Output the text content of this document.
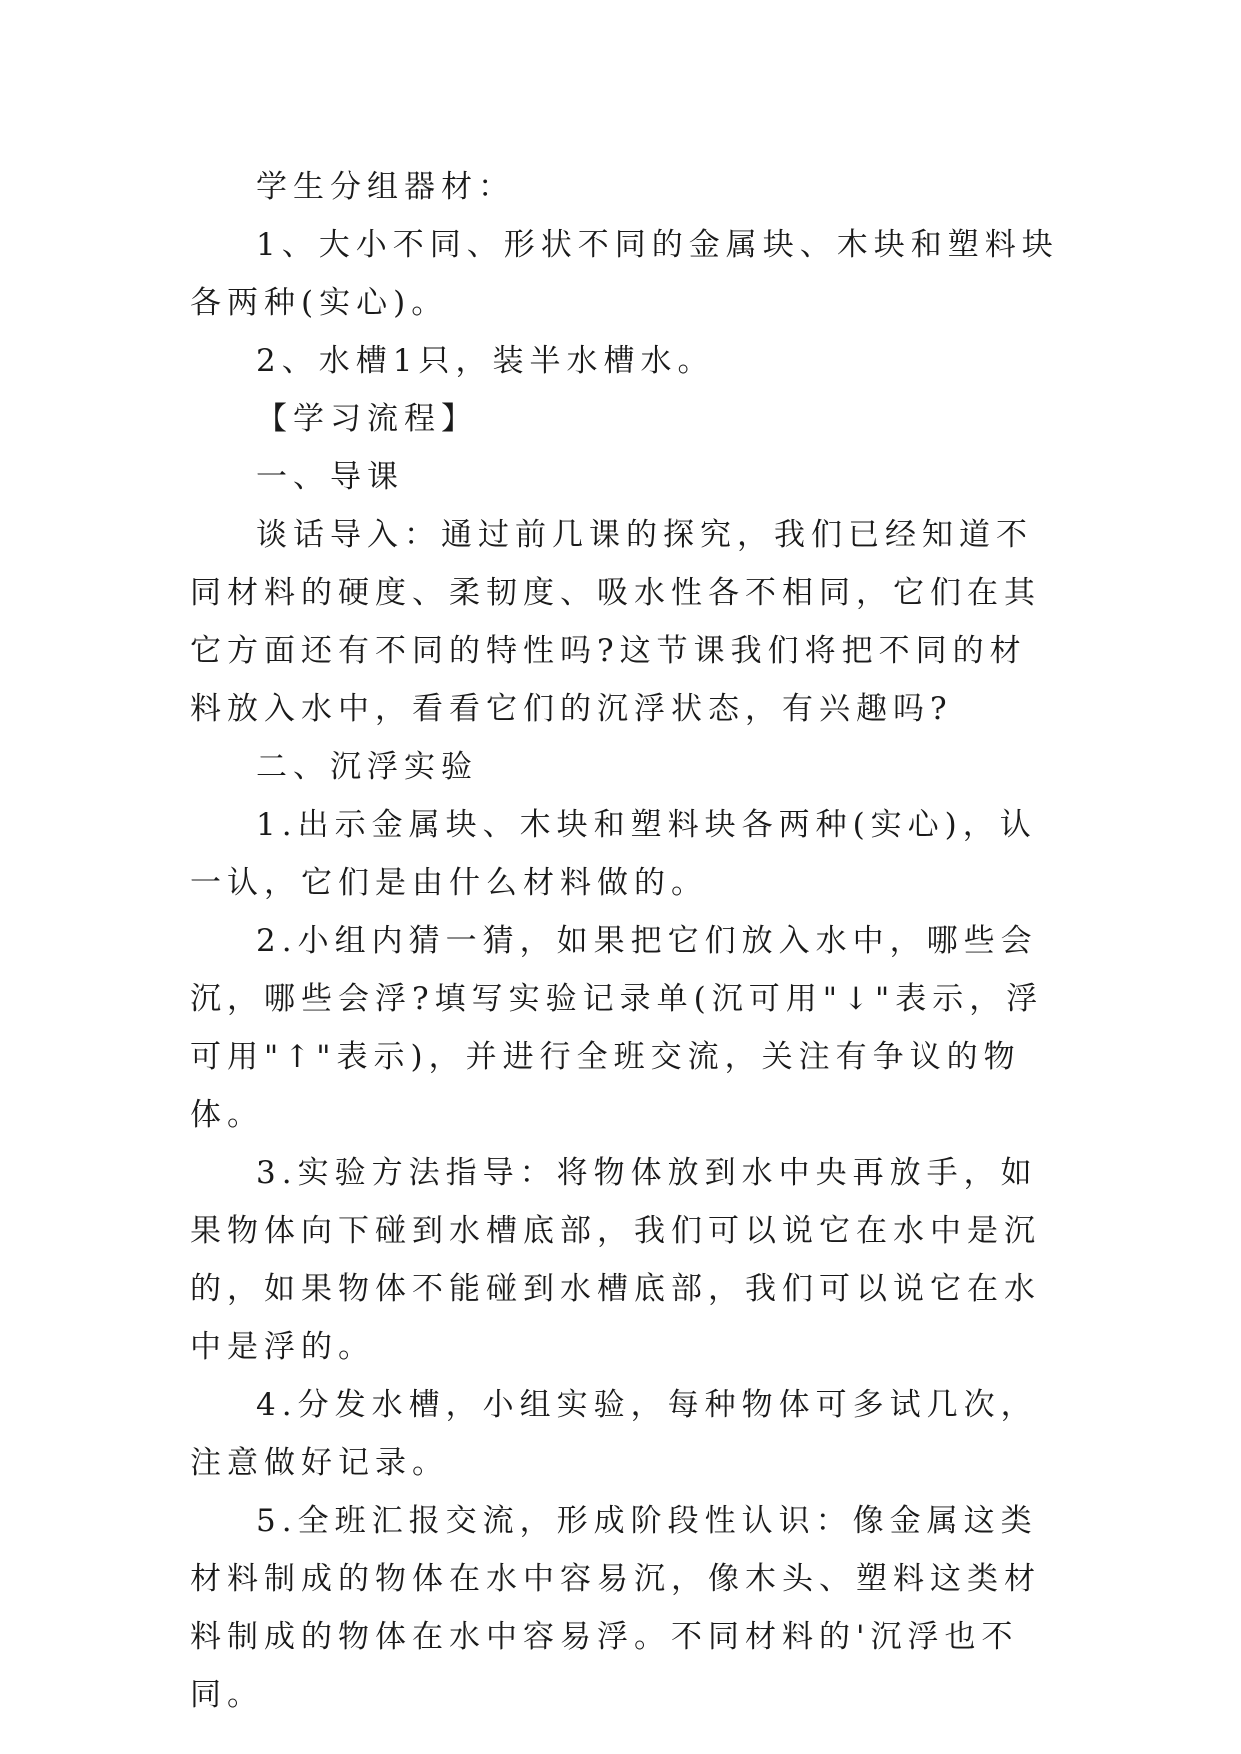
学生分组器材：

1、大小不同、形状不同的金属块、木块和塑料块各两种(实心)。

2、水槽1只，装半水槽水。

【学习流程】

一、导课

谈话导入：通过前几课的探究，我们已经知道不同材料的硬度、柔韧度、吸水性各不相同，它们在其它方面还有不同的特性吗?这节课我们将把不同的材料放入水中，看看它们的沉浮状态，有兴趣吗?

二、沉浮实验

1.出示金属块、木块和塑料块各两种(实心)，认一认，它们是由什么材料做的。

2.小组内猜一猜，如果把它们放入水中，哪些会沉，哪些会浮?填写实验记录单(沉可用"↓"表示，浮可用"↑"表示)，并进行全班交流，关注有争议的物体。

3.实验方法指导：将物体放到水中央再放手，如果物体向下碰到水槽底部，我们可以说它在水中是沉的，如果物体不能碰到水槽底部，我们可以说它在水中是浮的。

4.分发水槽，小组实验，每种物体可多试几次，注意做好记录。

5.全班汇报交流，形成阶段性认识：像金属这类材料制成的物体在水中容易沉，像木头、塑料这类材料制成的物体在水中容易浮。不同材料的'沉浮也不同。
